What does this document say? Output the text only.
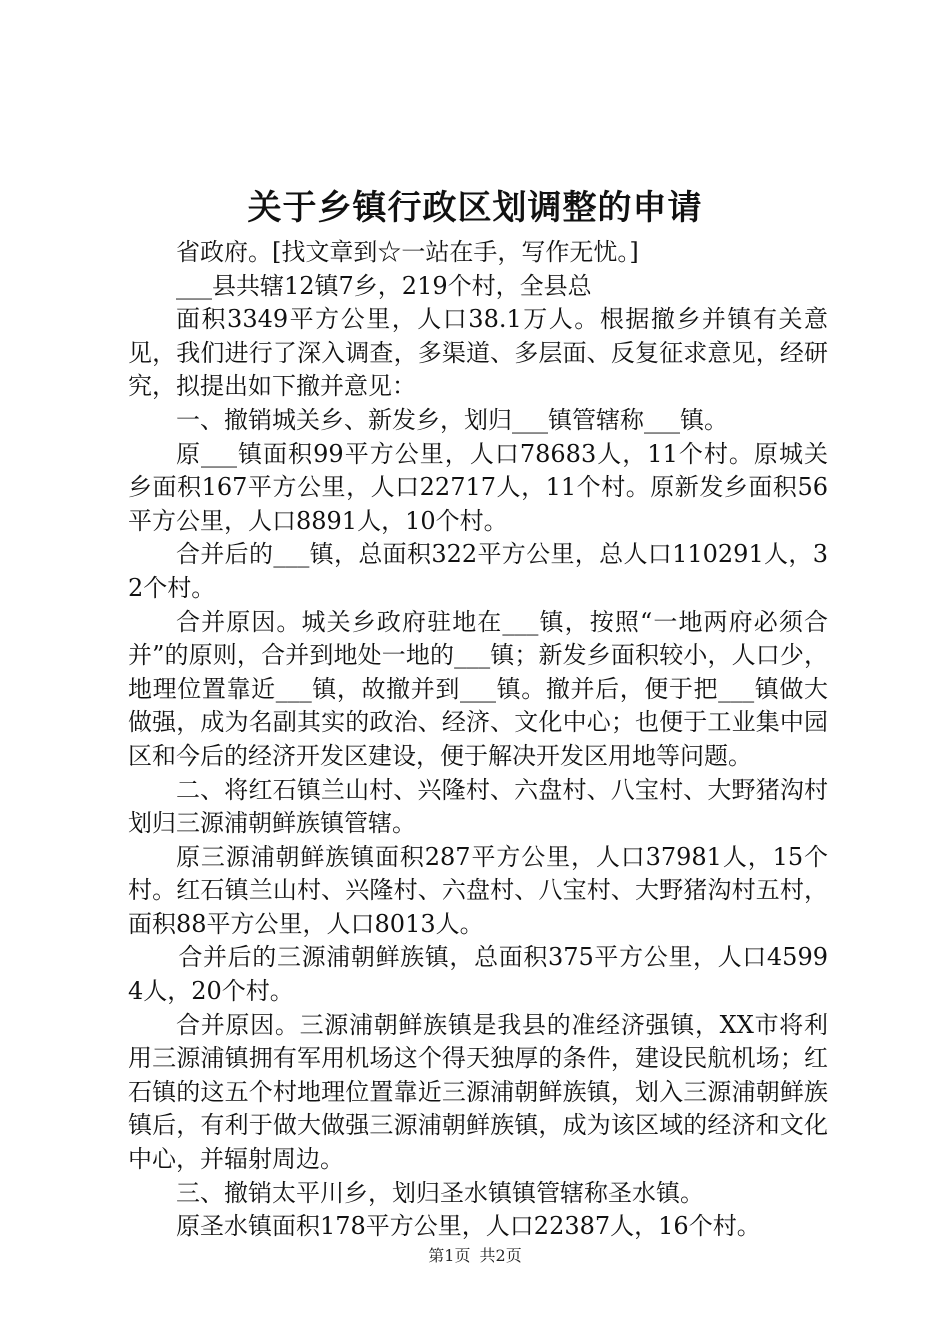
关于乡镇行政区划调整的申请

省政府。[找文章到☆一站在手，写作无忧。]

___县共辖12镇7乡，219个村，全县总

面积3349平方公里，人口38.1万人。根据撤乡并镇有关意见，我们进行了深入调查，多渠道、多层面、反复征求意见，经研究，拟提出如下撤并意见：

一、撤销城关乡、新发乡，划归___镇管辖称___镇。

原___镇面积99平方公里，人口78683人，11个村。原城关乡面积167平方公里，人口22717人，11个村。原新发乡面积56平方公里，人口8891人，10个村。

合并后的___镇，总面积322平方公里，总人口110291人，32个村。

合并原因。城关乡政府驻地在___镇，按照“一地两府必须合并”的原则，合并到地处一地的___镇；新发乡面积较小，人口少，地理位置靠近___镇，故撤并到___镇。撤并后，便于把___镇做大做强，成为名副其实的政治、经济、文化中心；也便于工业集中园区和今后的经济开发区建设，便于解决开发区用地等问题。

二、将红石镇兰山村、兴隆村、六盘村、八宝村、大野猪沟村划归三源浦朝鲜族镇管辖。

原三源浦朝鲜族镇面积287平方公里，人口37981人，15个村。红石镇兰山村、兴隆村、六盘村、八宝村、大野猪沟村五村，面积88平方公里，人口8013人。

合并后的三源浦朝鲜族镇，总面积375平方公里，人口45994人，20个村。

合并原因。三源浦朝鲜族镇是我县的准经济强镇，XX市将利用三源浦镇拥有军用机场这个得天独厚的条件，建设民航机场；红石镇的这五个村地理位置靠近三源浦朝鲜族镇，划入三源浦朝鲜族镇后，有利于做大做强三源浦朝鲜族镇，成为该区域的经济和文化中心，并辐射周边。

三、撤销太平川乡，划归圣水镇镇管辖称圣水镇。

原圣水镇面积178平方公里，人口22387人，16个村。

第1页 共2页
